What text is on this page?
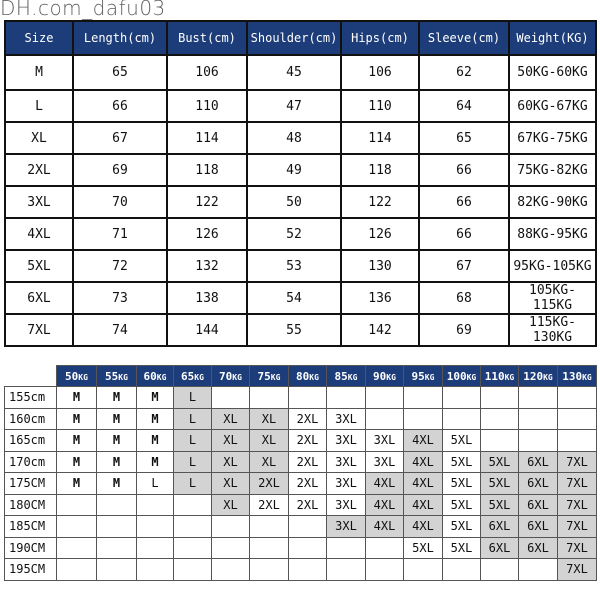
DH.com_dafu03
Size	Length(cm)	Bust(cm)	Shoulder(cm)	Hips(cm)	Sleeve(cm)	Weight(KG)
M	65	106	45	106	62	50KG-60KG
L	66	110	47	110	64	60KG-67KG
XL	67	114	48	114	65	67KG-75KG
2XL	69	118	49	118	66	75KG-82KG
3XL	70	122	50	122	66	82KG-90KG
4XL	71	126	52	126	66	88KG-95KG
5XL	72	132	53	130	67	95KG-105KG
6XL	73	138	54	136	68	105KG-115KG
7XL	74	144	55	142	69	115KG-130KG
	50KG	55KG	60KG	65KG	70KG	75KG	80KG	85KG	90KG	95KG	100KG	110KG	120KG	130KG
155cm	M	M	M	L										
160cm	M	M	M	L	XL	XL	2XL	3XL						
165cm	M	M	M	L	XL	XL	2XL	3XL	3XL	4XL	5XL			
170cm	M	M	M	L	XL	XL	2XL	3XL	3XL	4XL	5XL	5XL	6XL	7XL
175CM	M	M	L	L	XL	2XL	2XL	3XL	4XL	4XL	5XL	5XL	6XL	7XL
180CM					XL	2XL	2XL	3XL	4XL	4XL	5XL	5XL	6XL	7XL
185CM								3XL	4XL	4XL	5XL	6XL	6XL	7XL
190CM										5XL	5XL	6XL	6XL	7XL
195CM														7XL
